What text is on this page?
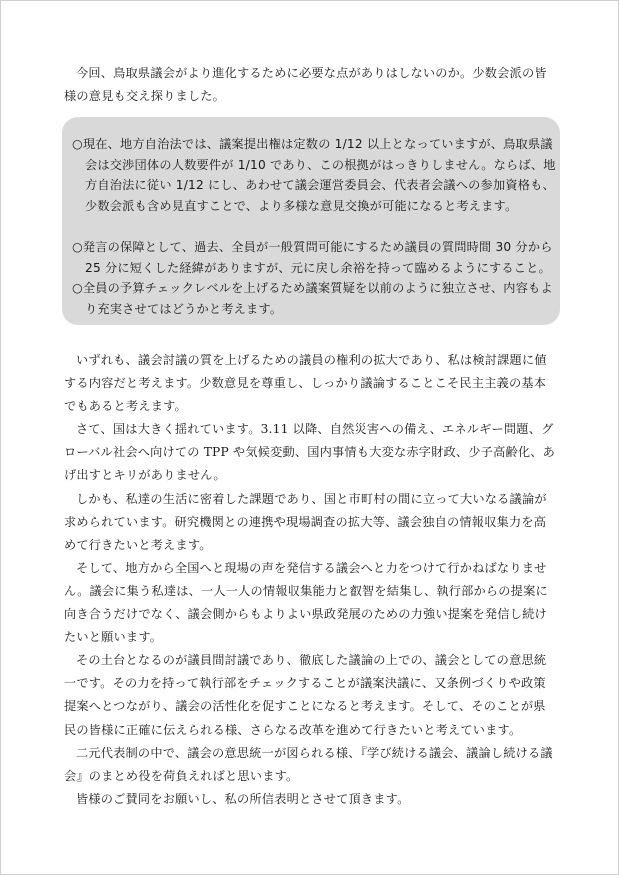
今回、鳥取県議会がより進化するために必要な点がありはしないのか。少数会派の皆様の意見も交え探りました。

○現在、地方自治法では、議案提出権は定数の 1/12 以上となっていますが、鳥取県議会は交渉団体の人数要件が 1/10 であり、この根拠がはっきりしません。ならば、地方自治法に従い 1/12 にし、あわせて議会運営委員会、代表者会議への参加資格も、少数会派も含め見直すことで、より多様な意見交換が可能になると考えます。

○発言の保障として、過去、全員が一般質問可能にするため議員の質問時間 30 分から 25 分に短くした経緯がありますが、元に戻し余裕を持って臨めるようにすること。

○全員の予算チェックレベルを上げるため議案質疑を以前のように独立させ、内容もより充実させてはどうかと考えます。

いずれも、議会討議の質を上げるための議員の権利の拡大であり、私は検討課題に値する内容だと考えます。少数意見を尊重し、しっかり議論することこそ民主主義の基本でもあると考えます。

さて、国は大きく揺れています。3.11 以降、自然災害への備え、エネルギー問題、グローバル社会へ向けての TPP や気候変動、国内事情も大変な赤字財政、少子高齢化、あげ出すとキリがありません。

しかも、私達の生活に密着した課題であり、国と市町村の間に立って大いなる議論が求められています。研究機関との連携や現場調査の拡大等、議会独自の情報収集力を高めて行きたいと考えます。

そして、地方から全国へと現場の声を発信する議会へと力をつけて行かねばなりません。議会に集う私達は、一人一人の情報収集能力と叡智を結集し、執行部からの提案に向き合うだけでなく、議会側からもよりよい県政発展のための力強い提案を発信し続けたいと願います。

その土台となるのが議員間討議であり、徹底した議論の上での、議会としての意思統一です。その力を持って執行部をチェックすることが議案決議に、又条例づくりや政策提案へとつながり、議会の活性化を促すことになると考えます。そして、そのことが県民の皆様に正確に伝えられる様、さらなる改革を進めて行きたいと考えています。

二元代表制の中で、議会の意思統一が図られる様、『学び続ける議会、議論し続ける議会』のまとめ役を荷負えればと思います。

皆様のご賛同をお願いし、私の所信表明とさせて頂きます。
